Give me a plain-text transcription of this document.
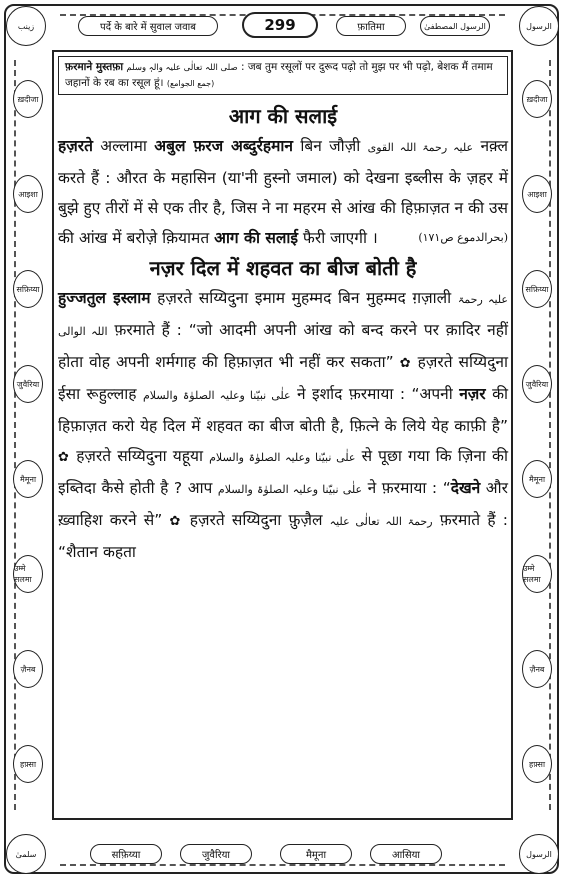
زینب	الرسول
سلمیٰ	الرسول
पर्दे के बारे में सुवाल जवाब	299	फ़ातिमा	الرسول المصطفىٰ
ख़दीजा
आइशा
सफ़िय्या
जुवैरिया
मैमूना
उम्मे सलमा
ज़ैनब
हफ़्सा
ख़दीजा
आइशा
सफ़िय्या
जुवैरिया
मैमूना
उम्मे सलमा
ज़ैनब
हफ़्सा
सफ़िय्या	जुवैरिया	मैमूना	आसिया
फ़रमाने मुस्तफ़ा صلی اللہ تعالٰی علیہ والہٖ وسلم : जब तुम रसूलों पर दुरूद पढ़ो तो मुझ पर भी पढ़ो, बेशक मैं तमाम जहानों के रब का रसूल हूं। (جمع الجوامع)
आग की सलाई

हज़रते अल्लामा अबुल फ़रज अब्दुर्रहमान बिन जौज़ी علیہ رحمۃ اللہ القوی नक़्ल करते हैं : औरत के महासिन (या'नी हुस्नो जमाल) को देखना इब्लीस के ज़हर में बुझे हुए तीरों में से एक तीर है, जिस ने ना महरम से आंख की हिफ़ाज़त न की उस की आंख में बरोज़े क़ियामत आग की सलाई फैरी जाएगी ।	(بحرالدموع ص١٧١)

नज़र दिल में शहवत का बीज बोती है

हुज्जतुल इस्लाम हज़रते सय्यिदुना इमाम मुहम्मद बिन मुहम्मद ग़ज़ाली علیہ رحمۃ اللہ الوالی फ़रमाते हैं : “जो आदमी अपनी आंख को बन्द करने पर क़ादिर नहीं होता वोह अपनी शर्मगाह की हिफ़ाज़त भी नहीं कर सकता” ✿ हज़रते सय्यिदुना ईसा रूहुल्लाह علٰی نبیّنا وعلیہ الصلوٰۃ والسلام ने इर्शाद फ़रमाया : “अपनी नज़र की हिफ़ाज़त करो येह दिल में शहवत का बीज बोती है, फ़ित्ने के लिये येह काफ़ी है” ✿ हज़रते सय्यिदुना यहूया علٰی نبیّنا وعلیہ الصلوٰۃ والسلام से पूछा गया कि ज़िना की इब्तिदा कैसे होती है ? आप علٰی نبیّنا وعلیہ الصلوٰۃ والسلام ने फ़रमाया : “देखने और ख़्वाहिश करने से” ✿ हज़रते सय्यिदुना फ़ुज़ैल رحمۃ اللہ تعالٰی علیہ फ़रमाते हैं : “शैतान कहता
